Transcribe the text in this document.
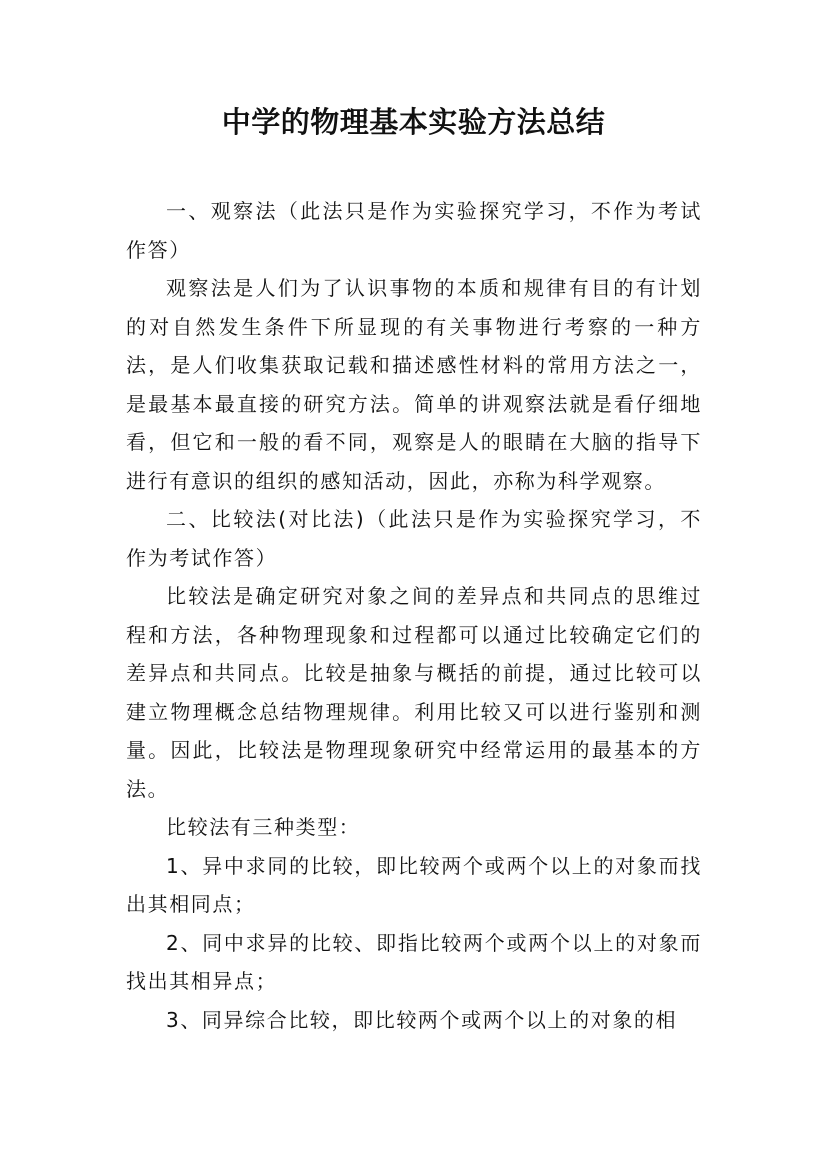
中学的物理基本实验方法总结

一、观察法（此法只是作为实验探究学习，不作为考试作答）

观察法是人们为了认识事物的本质和规律有目的有计划的对自然发生条件下所显现的有关事物进行考察的一种方法，是人们收集获取记载和描述感性材料的常用方法之一，是最基本最直接的研究方法。简单的讲观察法就是看仔细地看，但它和一般的看不同，观察是人的眼睛在大脑的指导下进行有意识的组织的感知活动，因此，亦称为科学观察。

二、比较法(对比法)（此法只是作为实验探究学习，不作为考试作答）

比较法是确定研究对象之间的差异点和共同点的思维过程和方法，各种物理现象和过程都可以通过比较确定它们的差异点和共同点。比较是抽象与概括的前提，通过比较可以建立物理概念总结物理规律。利用比较又可以进行鉴别和测量。因此，比较法是物理现象研究中经常运用的最基本的方法。

比较法有三种类型：

1、异中求同的比较，即比较两个或两个以上的对象而找出其相同点；

2、同中求异的比较、即指比较两个或两个以上的对象而找出其相异点；

3、同异综合比较，即比较两个或两个以上的对象的相
